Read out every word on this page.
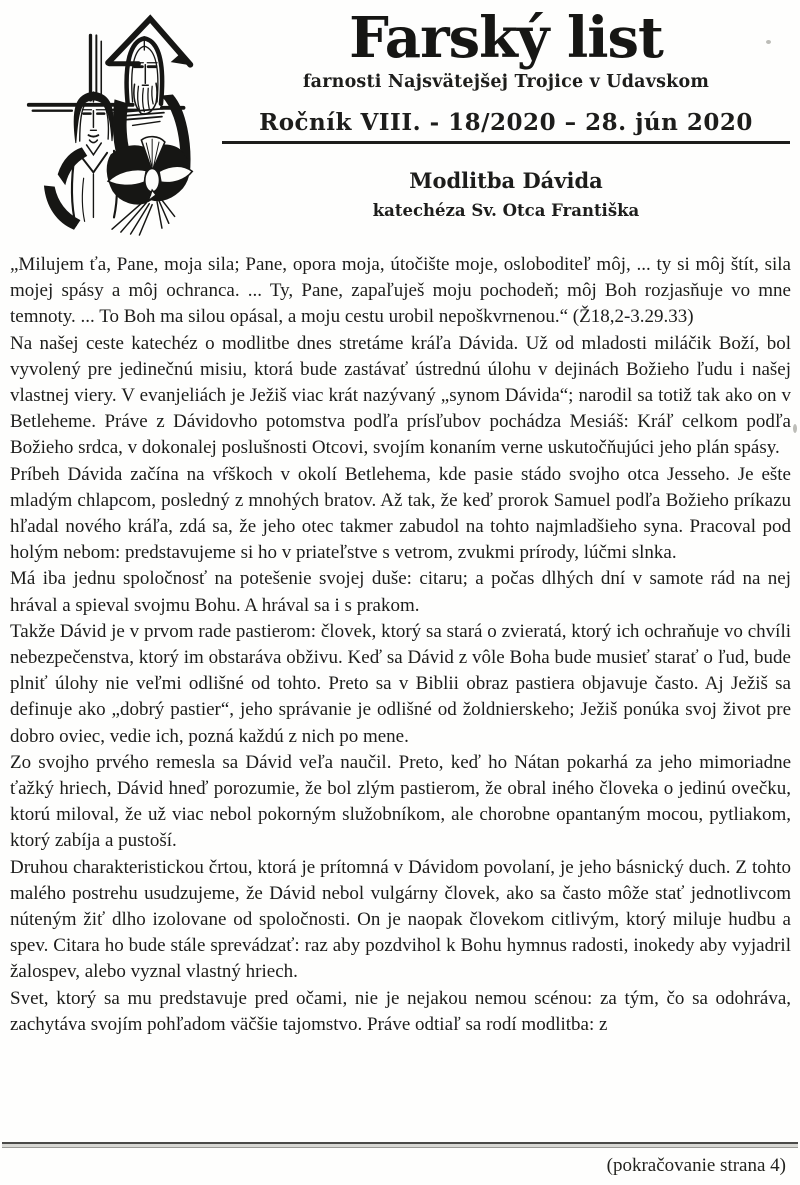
Farský list
farnosti Najsvätejšej Trojice v Udavskom
Ročník VIII. - 18/2020 – 28. jún 2020
Modlitba Dávida
katechéza Sv. Otca Františka

„Milujem ťa, Pane, moja sila; Pane, opora moja, útočište moje, osloboditeľ môj, ... ty si môj štít, sila mojej spásy a môj ochranca. ... Ty, Pane, zapaľuješ moju pochodeň; môj Boh rozjasňuje vo mne temnoty. ... To Boh ma silou opásal, a moju cestu urobil nepoškvrnenou.“ (Ž18,2-3.29.33)

Na našej ceste katechéz o modlitbe dnes stretáme kráľa Dávida. Už od mladosti miláčik Boží, bol vyvolený pre jedinečnú misiu, ktorá bude zastávať ústrednú úlohu v dejinách Božieho ľudu i našej vlastnej viery. V evanjeliách je Ježiš viac krát nazývaný „synom Dávida“; narodil sa totiž tak ako on v Betleheme. Práve z Dávidovho potomstva podľa prísľubov pochádza Mesiáš: Kráľ celkom podľa Božieho srdca, v dokonalej poslušnosti Otcovi, svojím konaním verne uskutočňujúci jeho plán spásy.

Príbeh Dávida začína na vŕškoch v okolí Betlehema, kde pasie stádo svojho otca Jesseho. Je ešte mladým chlapcom, posledný z mnohých bratov. Až tak, že keď prorok Samuel podľa Božieho príkazu hľadal nového kráľa, zdá sa, že jeho otec takmer zabudol na tohto najmladšieho syna. Pracoval pod holým nebom: predstavujeme si ho v priateľstve s vetrom, zvukmi prírody, lúčmi slnka.

Má iba jednu spoločnosť na potešenie svojej duše: citaru; a počas dlhých dní v samote rád na nej hrával a spieval svojmu Bohu. A hrával sa i s prakom.

Takže Dávid je v prvom rade pastierom: človek, ktorý sa stará o zvieratá, ktorý ich ochraňuje vo chvíli nebezpečenstva, ktorý im obstaráva obživu. Keď sa Dávid z vôle Boha bude musieť starať o ľud, bude plniť úlohy nie veľmi odlišné od tohto. Preto sa v Biblii obraz pastiera objavuje často. Aj Ježiš sa definuje ako „dobrý pastier“, jeho správanie je odlišné od žoldnierskeho; Ježiš ponúka svoj život pre dobro oviec, vedie ich, pozná každú z nich po mene.

Zo svojho prvého remesla sa Dávid veľa naučil. Preto, keď ho Nátan pokarhá za jeho mimoriadne ťažký hriech, Dávid hneď porozumie, že bol zlým pastierom, že obral iného človeka o jedinú ovečku, ktorú miloval, že už viac nebol pokorným služobníkom, ale chorobne opantaným mocou, pytliakom, ktorý zabíja a pustoší.

Druhou charakteristickou črtou, ktorá je prítomná v Dávidom povolaní, je jeho básnický duch. Z tohto malého postrehu usudzujeme, že Dávid nebol vulgárny človek, ako sa často môže stať jednotlivcom núteným žiť dlho izolovane od spoločnosti. On je naopak človekom citlivým, ktorý miluje hudbu a spev. Citara ho bude stále sprevádzať: raz aby pozdvihol k Bohu hymnus radosti, inokedy aby vyjadril žalospev, alebo vyznal vlastný hriech.

Svet, ktorý sa mu predstavuje pred očami, nie je nejakou nemou scénou: za tým, čo sa odohráva, zachytáva svojím pohľadom väčšie tajomstvo. Práve odtiaľ sa rodí modlitba: z

(pokračovanie strana 4)
